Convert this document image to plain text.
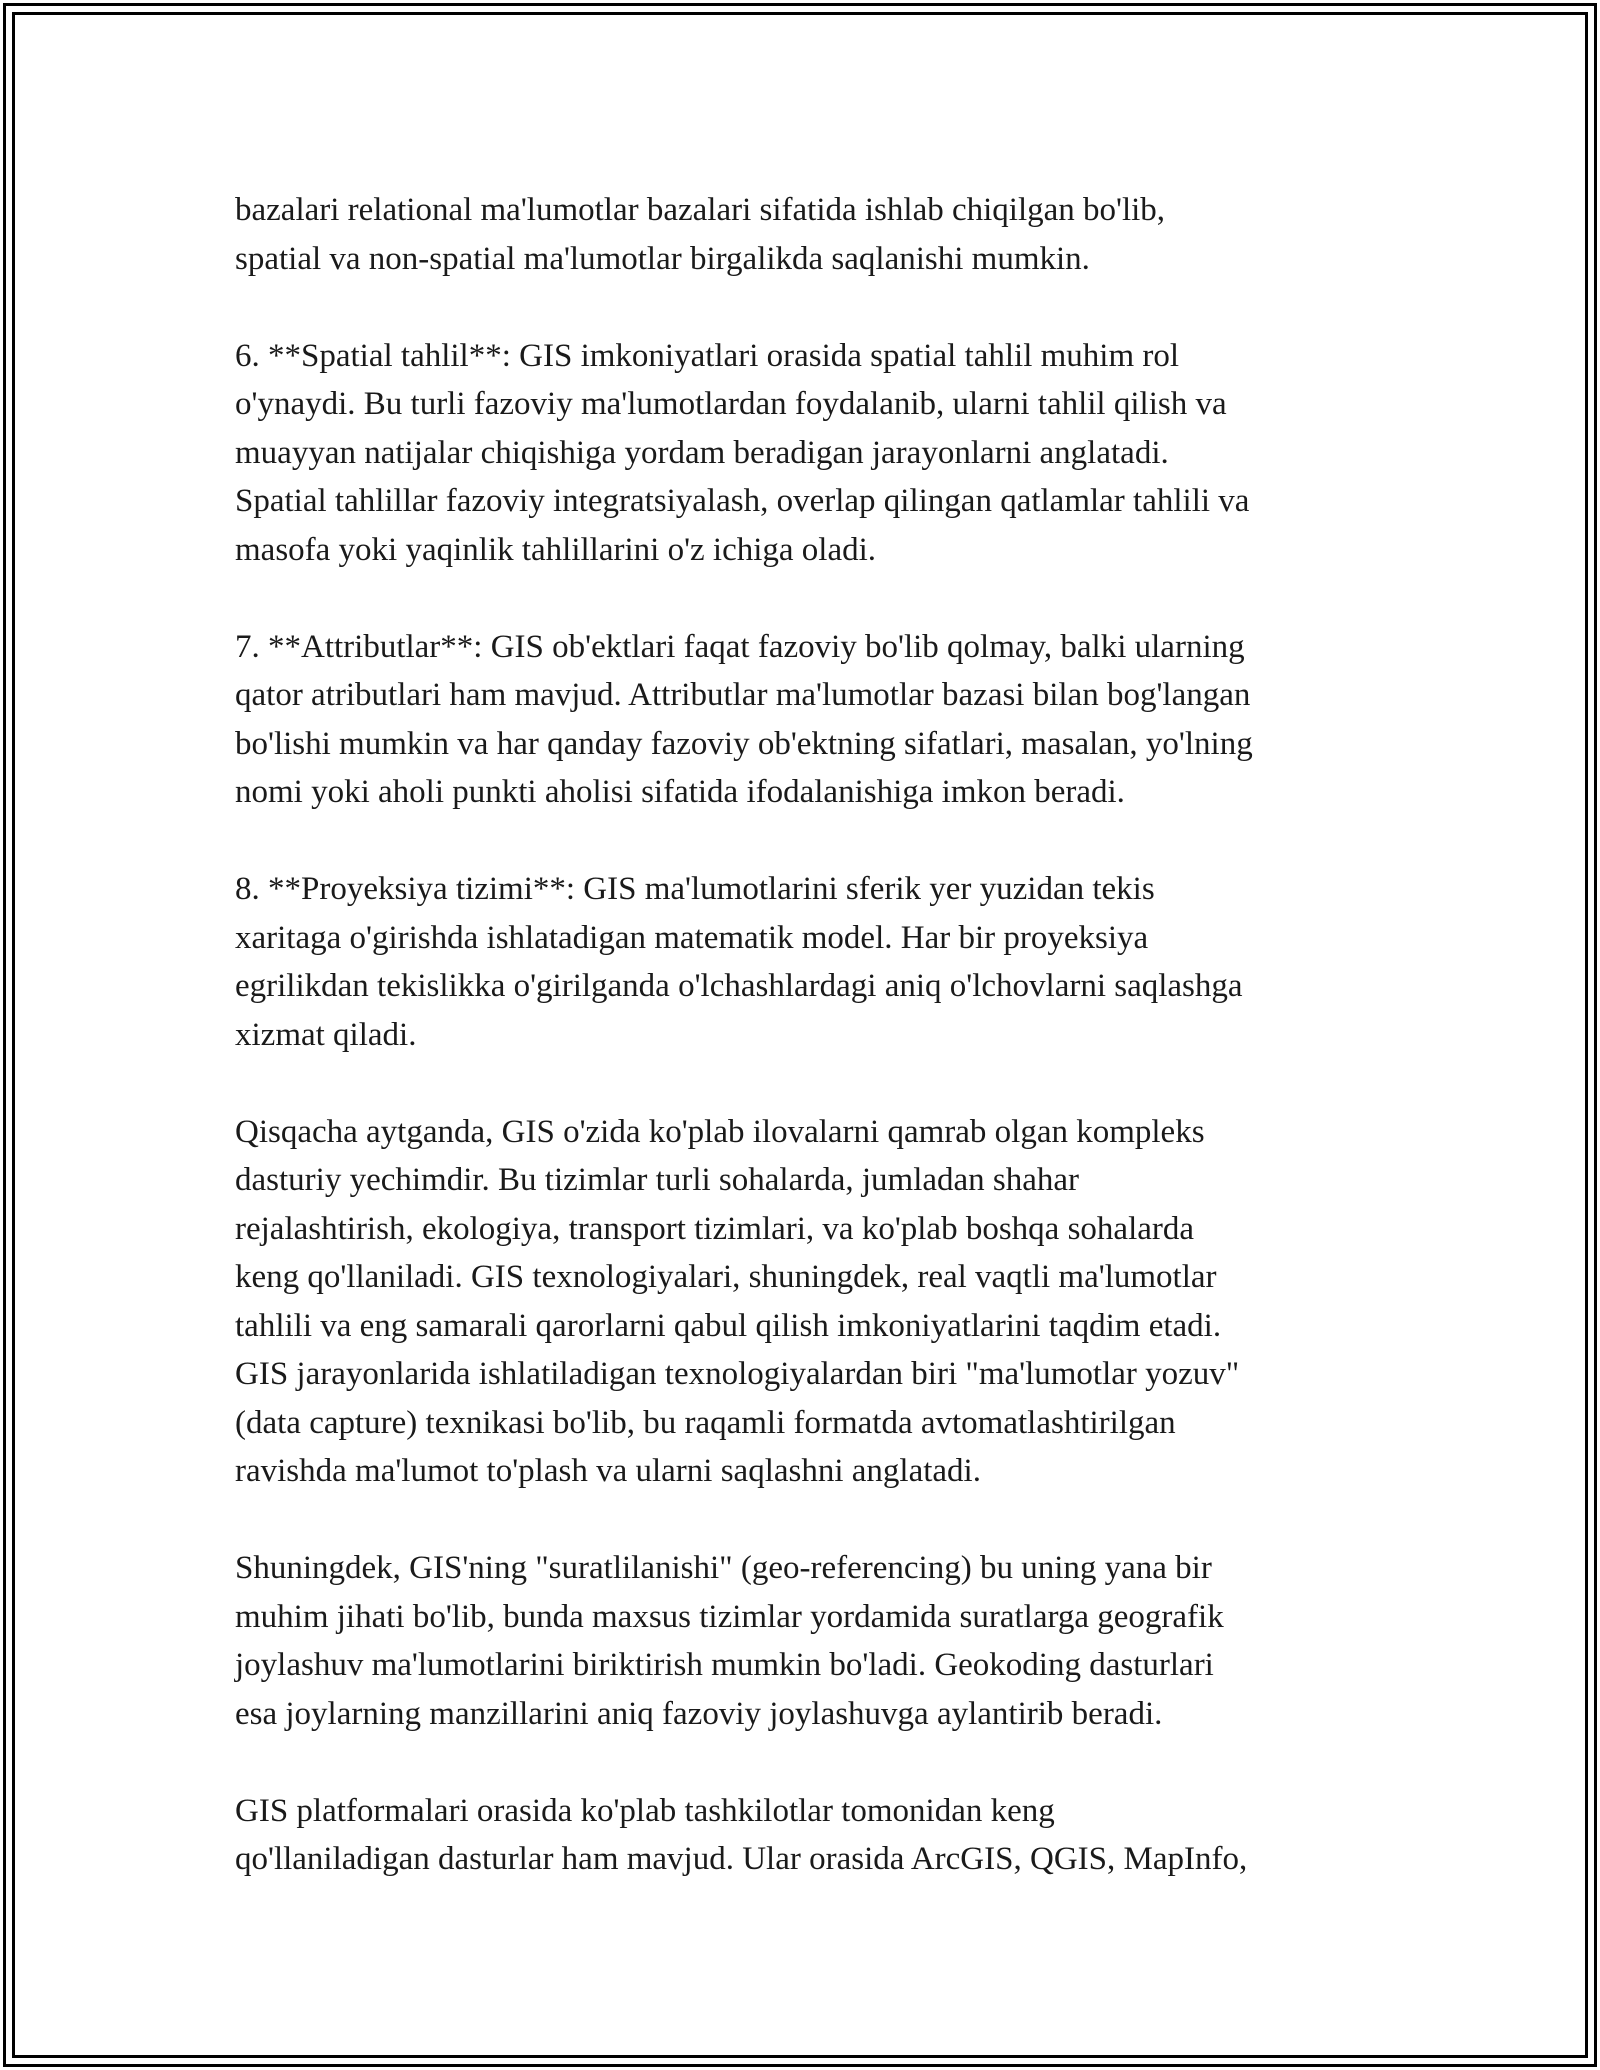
bazalari relational ma'lumotlar bazalari sifatida ishlab chiqilgan bo'lib,
spatial va non-spatial ma'lumotlar birgalikda saqlanishi mumkin.
6. **Spatial tahlil**: GIS imkoniyatlari orasida spatial tahlil muhim rol
o'ynaydi. Bu turli fazoviy ma'lumotlardan foydalanib, ularni tahlil qilish va
muayyan natijalar chiqishiga yordam beradigan jarayonlarni anglatadi.
Spatial tahlillar fazoviy integratsiyalash, overlap qilingan qatlamlar tahlili va
masofa yoki yaqinlik tahlillarini o'z ichiga oladi.
7. **Attributlar**: GIS ob'ektlari faqat fazoviy bo'lib qolmay, balki ularning
qator atributlari ham mavjud. Attributlar ma'lumotlar bazasi bilan bog'langan
bo'lishi mumkin va har qanday fazoviy ob'ektning sifatlari, masalan, yo'lning
nomi yoki aholi punkti aholisi sifatida ifodalanishiga imkon beradi.
8. **Proyeksiya tizimi**: GIS ma'lumotlarini sferik yer yuzidan tekis
xaritaga o'girishda ishlatadigan matematik model. Har bir proyeksiya
egrilikdan tekislikka o'girilganda o'lchashlardagi aniq o'lchovlarni saqlashga
xizmat qiladi.
Qisqacha aytganda, GIS o'zida ko'plab ilovalarni qamrab olgan kompleks
dasturiy yechimdir. Bu tizimlar turli sohalarda, jumladan shahar
rejalashtirish, ekologiya, transport tizimlari, va ko'plab boshqa sohalarda
keng qo'llaniladi. GIS texnologiyalari, shuningdek, real vaqtli ma'lumotlar
tahlili va eng samarali qarorlarni qabul qilish imkoniyatlarini taqdim etadi.
GIS jarayonlarida ishlatiladigan texnologiyalardan biri "ma'lumotlar yozuv"
(data capture) texnikasi bo'lib, bu raqamli formatda avtomatlashtirilgan
ravishda ma'lumot to'plash va ularni saqlashni anglatadi.
Shuningdek, GIS'ning "suratlilanishi" (geo-referencing) bu uning yana bir
muhim jihati bo'lib, bunda maxsus tizimlar yordamida suratlarga geografik
joylashuv ma'lumotlarini biriktirish mumkin bo'ladi. Geokoding dasturlari
esa joylarning manzillarini aniq fazoviy joylashuvga aylantirib beradi.
GIS platformalari orasida ko'plab tashkilotlar tomonidan keng
qo'llaniladigan dasturlar ham mavjud. Ular orasida ArcGIS, QGIS, MapInfo,
